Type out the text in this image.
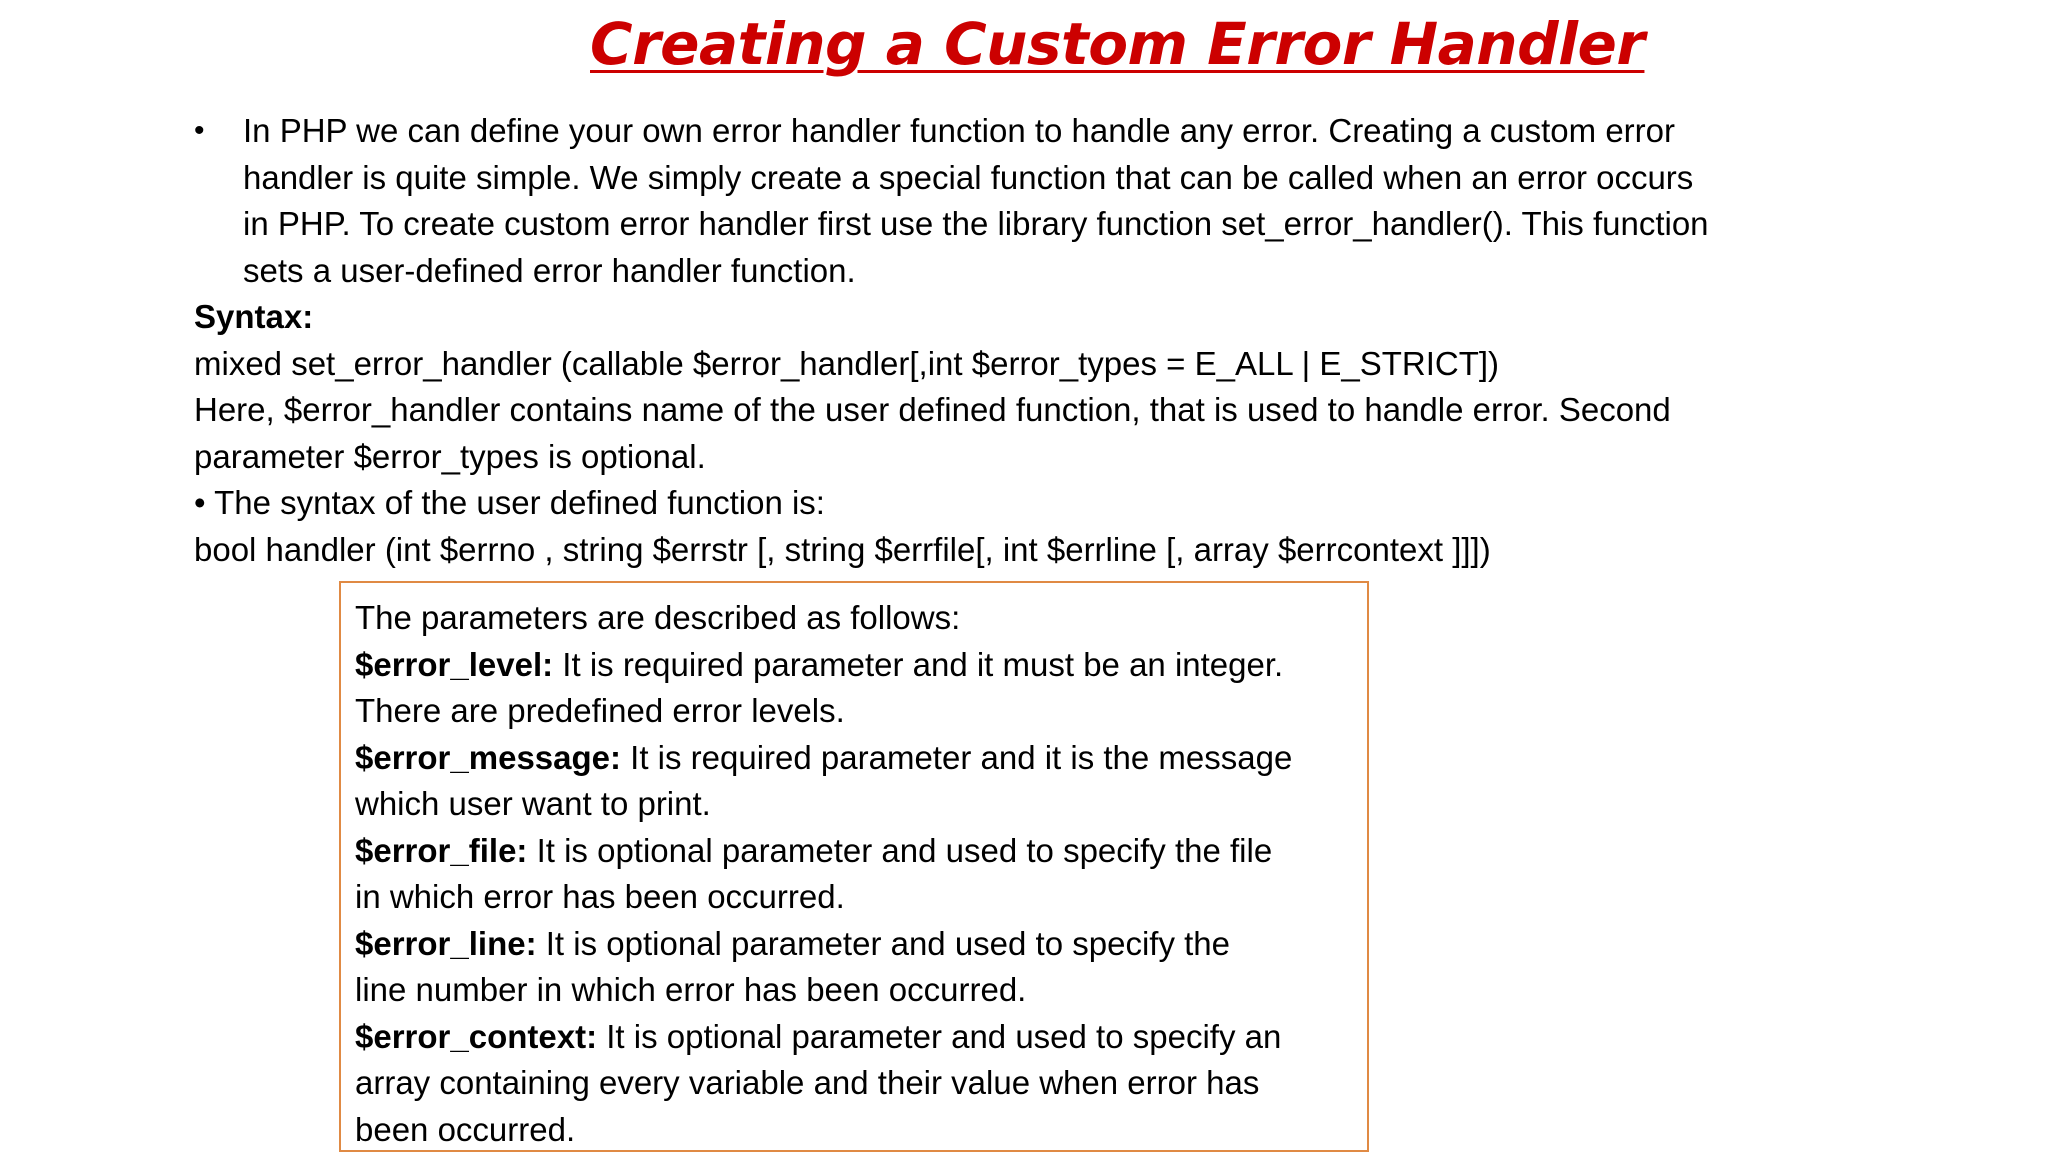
Creating a Custom Error Handler
• In PHP we can define your own error handler function to handle any error. Creating a custom error

handler is quite simple. We simply create a special function that can be called when an error occurs

in PHP. To create custom error handler first use the library function set_error_handler(). This function

sets a user-defined error handler function.

Syntax:

mixed set_error_handler (callable $error_handler[,int $error_types = E_ALL | E_STRICT])

Here, $error_handler contains name of the user defined function, that is used to handle error. Second

parameter $error_types is optional.

• The syntax of the user defined function is:

bool handler (int $errno , string $errstr [, string $errfile[, int $errline [, array $errcontext ]]])

The parameters are described as follows:

$error_level: It is required parameter and it must be an integer.

There are predefined error levels.

$error_message: It is required parameter and it is the message

which user want to print.

$error_file: It is optional parameter and used to specify the file

in which error has been occurred.

$error_line: It is optional parameter and used to specify the

line number in which error has been occurred.

$error_context: It is optional parameter and used to specify an

array containing every variable and their value when error has

been occurred.
